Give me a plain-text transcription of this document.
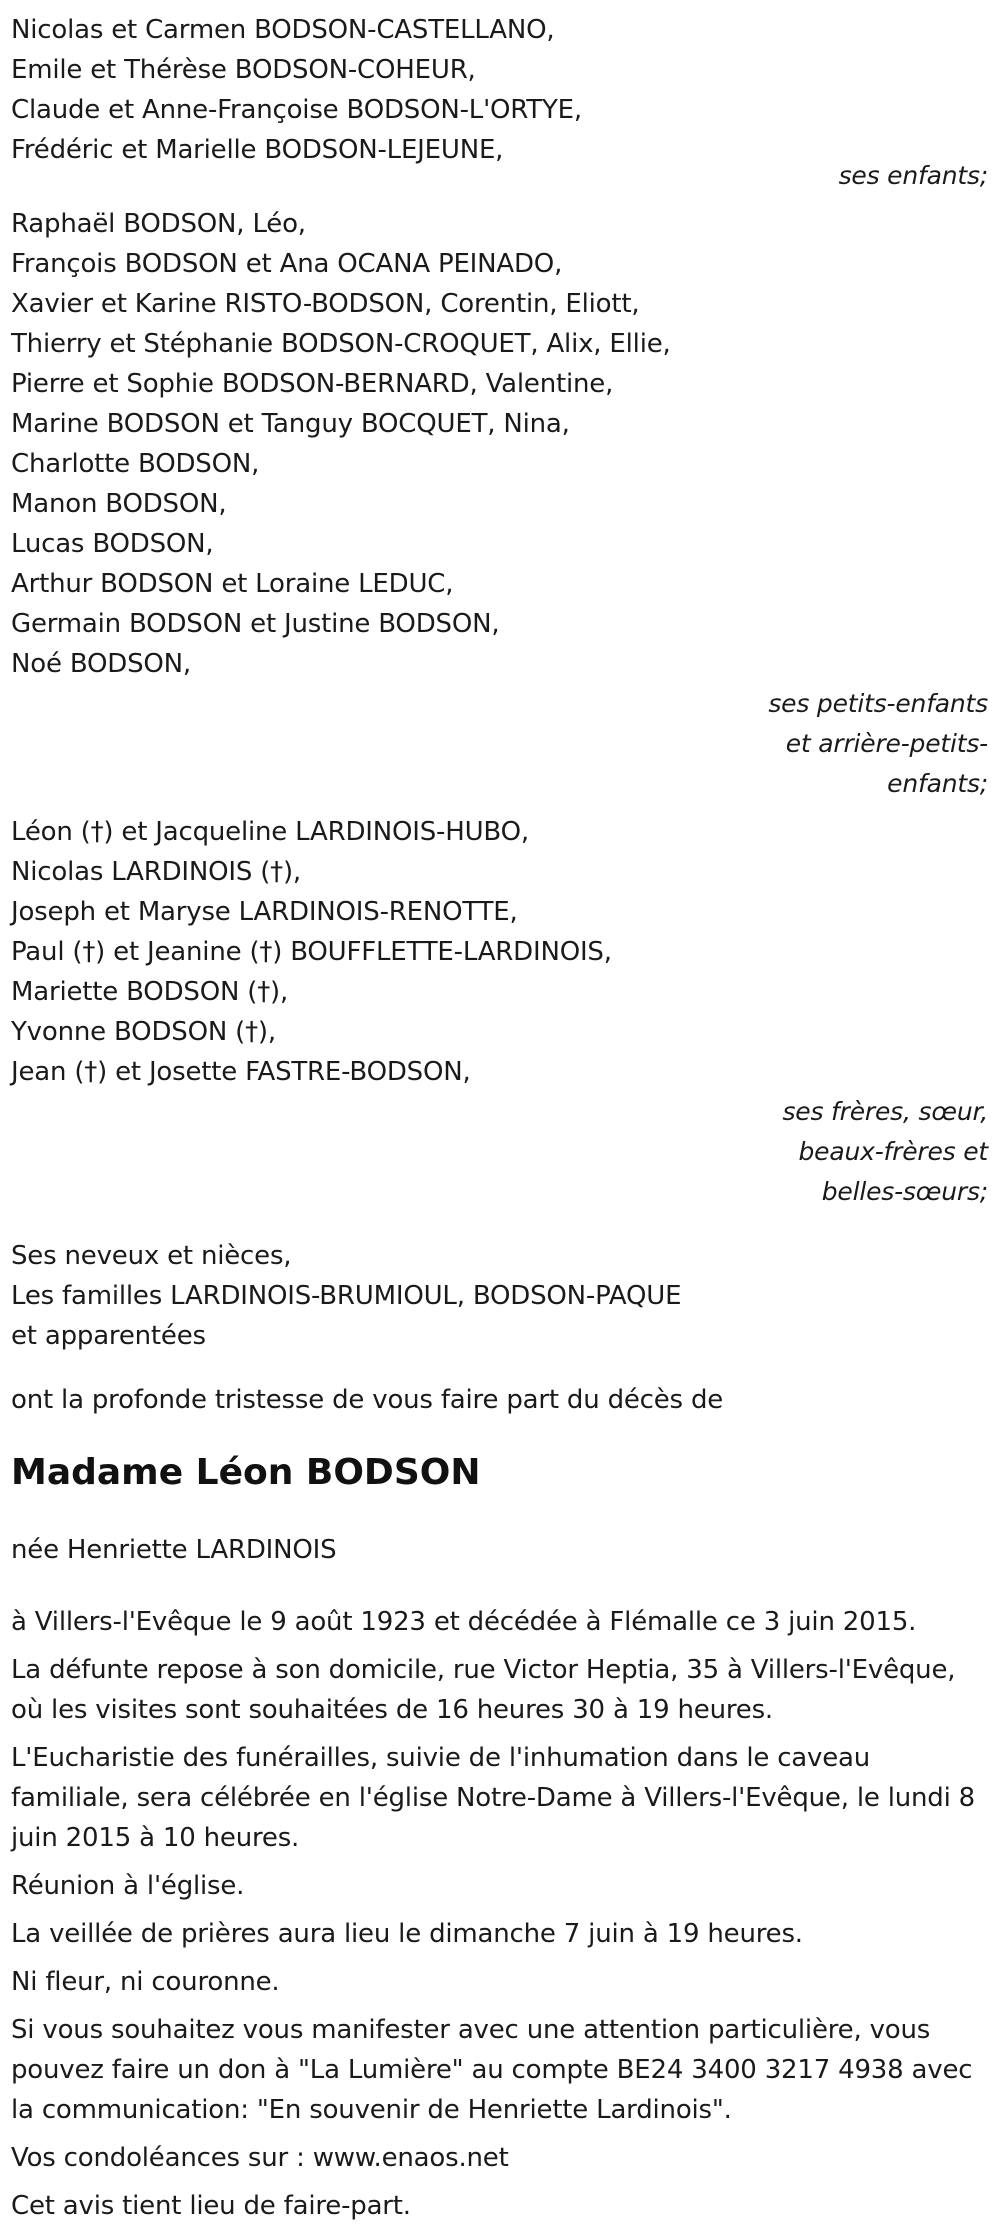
Nicolas et Carmen BODSON-CASTELLANO,
Emile et Thérèse BODSON-COHEUR,
Claude et Anne-Françoise BODSON-L'ORTYE,
Frédéric et Marielle BODSON-LEJEUNE,
ses enfants;
Raphaël BODSON, Léo,
François BODSON et Ana OCANA PEINADO,
Xavier et Karine RISTO-BODSON, Corentin, Eliott,
Thierry et Stéphanie BODSON-CROQUET, Alix, Ellie,
Pierre et Sophie BODSON-BERNARD, Valentine,
Marine BODSON et Tanguy BOCQUET, Nina,
Charlotte BODSON,
Manon BODSON,
Lucas BODSON,
Arthur BODSON et Loraine LEDUC,
Germain BODSON et Justine BODSON,
Noé BODSON,
ses petits-enfants
et arrière-petits-
enfants;
Léon (†) et Jacqueline LARDINOIS-HUBO,
Nicolas LARDINOIS (†),
Joseph et Maryse LARDINOIS-RENOTTE,
Paul (†) et Jeanine (†) BOUFFLETTE-LARDINOIS,
Mariette BODSON (†),
Yvonne BODSON (†),
Jean (†) et Josette FASTRE-BODSON,
ses frères, sœur,
beaux-frères et
belles-sœurs;
Ses neveux et nièces,
Les familles LARDINOIS-BRUMIOUL, BODSON-PAQUE
et apparentées
ont la profonde tristesse de vous faire part du décès de
Madame Léon BODSON
née Henriette LARDINOIS
à Villers-l'Evêque le 9 août 1923 et décédée à Flémalle ce 3 juin 2015.
La défunte repose à son domicile, rue Victor Heptia, 35 à Villers-l'Evêque, où les visites sont souhaitées de 16 heures 30 à 19 heures.
L'Eucharistie des funérailles, suivie de l'inhumation dans le caveau familiale, sera célébrée en l'église Notre-Dame à Villers-l'Evêque, le lundi 8 juin 2015 à 10 heures.
Réunion à l'église.
La veillée de prières aura lieu le dimanche 7 juin à 19 heures.
Ni fleur, ni couronne.
Si vous souhaitez vous manifester avec une attention particulière, vous pouvez faire un don à "La Lumière" au compte BE24 3400 3217 4938 avec la communication: "En souvenir de Henriette Lardinois".
Vos condoléances sur : www.enaos.net
Cet avis tient lieu de faire-part.
